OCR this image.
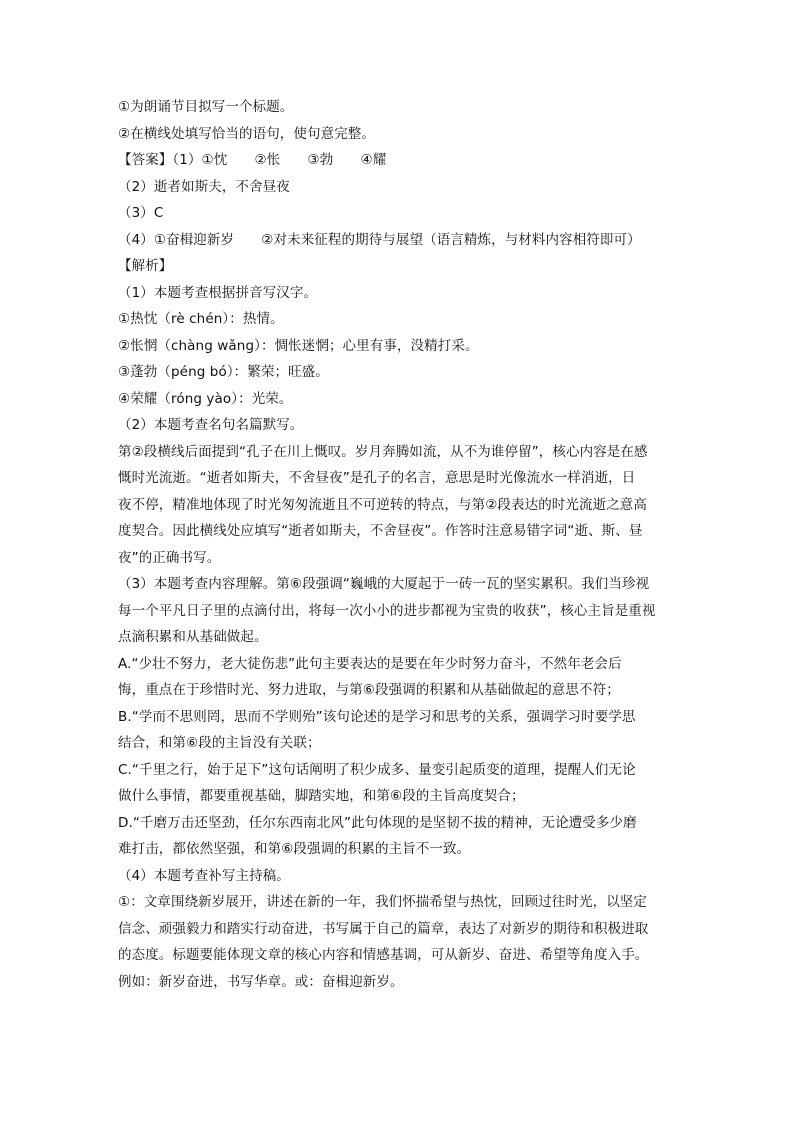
①为朗诵节目拟写一个标题。
②在横线处填写恰当的语句，使句意完整。
【答案】（1）①忱　　②怅　　③勃　　④耀
（2）逝者如斯夫，不舍昼夜
（3）C
（4）①奋楫迎新岁　　②对未来征程的期待与展望（语言精炼，与材料内容相符即可）
【解析】
（1）本题考查根据拼音写汉字。
①热忱（rè chén）：热情。
②怅惘（chàng wǎng）：惆怅迷惘；心里有事，没精打采。
③蓬勃（péng bó）：繁荣；旺盛。
④荣耀（róng yào）：光荣。
（2）本题考查名句名篇默写。
第②段横线后面提到“孔子在川上慨叹。岁月奔腾如流，从不为谁停留”，核心内容是在感
慨时光流逝。“逝者如斯夫，不舍昼夜”是孔子的名言，意思是时光像流水一样消逝，日
夜不停，精准地体现了时光匆匆流逝且不可逆转的特点，与第②段表达的时光流逝之意高
度契合。因此横线处应填写“逝者如斯夫，不舍昼夜”。作答时注意易错字词“逝、斯、昼
夜”的正确书写。
（3）本题考查内容理解。第⑥段强调“巍峨的大厦起于一砖一瓦的坚实累积。我们当珍视
每一个平凡日子里的点滴付出，将每一次小小的进步都视为宝贵的收获”，核心主旨是重视
点滴积累和从基础做起。
A.“少壮不努力，老大徒伤悲”此句主要表达的是要在年少时努力奋斗，不然年老会后
悔，重点在于珍惜时光、努力进取，与第⑥段强调的积累和从基础做起的意思不符；
B.“学而不思则罔，思而不学则殆”该句论述的是学习和思考的关系，强调学习时要学思
结合，和第⑥段的主旨没有关联；
C.“千里之行，始于足下”这句话阐明了积少成多、量变引起质变的道理，提醒人们无论
做什么事情，都要重视基础，脚踏实地，和第⑥段的主旨高度契合；
D.“千磨万击还坚劲，任尔东西南北风”此句体现的是坚韧不拔的精神，无论遭受多少磨
难打击，都依然坚强，和第⑥段强调的积累的主旨不一致。
（4）本题考查补写主持稿。
①：文章围绕新岁展开，讲述在新的一年，我们怀揣希望与热忱，回顾过往时光，以坚定
信念、顽强毅力和踏实行动奋进，书写属于自己的篇章，表达了对新岁的期待和积极进取
的态度。标题要能体现文章的核心内容和情感基调，可从新岁、奋进、希望等角度入手。
例如：新岁奋进，书写华章。或：奋楫迎新岁。
